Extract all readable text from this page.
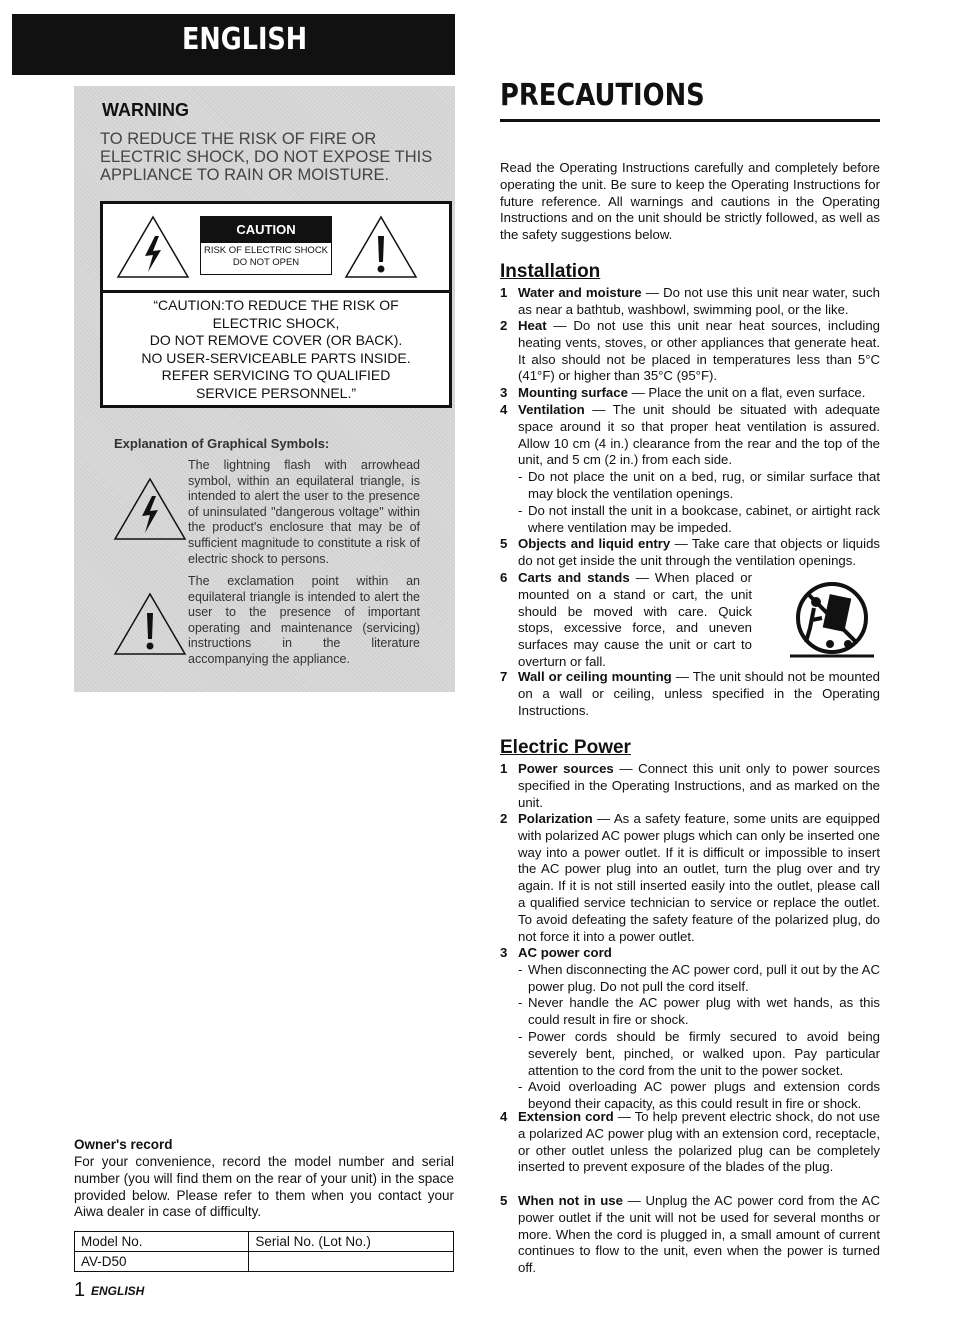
ENGLISH
WARNING
TO REDUCE THE RISK OF FIRE OR ELECTRIC SHOCK, DO NOT EXPOSE THIS APPLIANCE TO RAIN OR MOISTURE.
CAUTION
RISK OF ELECTRIC SHOCK
DO NOT OPEN
“CAUTION:TO REDUCE THE RISK OF
ELECTRIC SHOCK,
DO NOT REMOVE COVER (OR BACK).
NO USER-SERVICEABLE PARTS INSIDE.
REFER SERVICING TO QUALIFIED
SERVICE PERSONNEL.”
Explanation of Graphical Symbols:
The lightning flash with arrowhead symbol, within an equilateral triangle, is intended to alert the user to the presence of uninsulated "dangerous voltage" within the product's enclosure that may be of sufficient magnitude to constitute a risk of electric shock to persons.
The exclamation point within an equilateral triangle is intended to alert the user to the presence of important operating and maintenance (servicing) instructions in the literature accompanying the appliance.
Owner's record
For your convenience, record the model number and serial number (you will find them on the rear of your unit) in the space provided below. Please refer to them when you contact your Aiwa dealer in case of difficulty.
Model No.	Serial No. (Lot No.)
AV-D50	
1 ENGLISH
PRECAUTIONS
Read the Operating Instructions carefully and completely before operating the unit. Be sure to keep the Operating Instructions for future reference. All warnings and cautions in the Operating Instructions and on the unit should be strictly followed, as well as the safety suggestions below.
Installation
1 Water and moisture — Do not use this unit near water, such as near a bathtub, washbowl, swimming pool, or the like.
2 Heat — Do not use this unit near heat sources, including heating vents, stoves, or other appliances that generate heat. It also should not be placed in temperatures less than 5°C (41°F) or higher than 35°C (95°F).
3 Mounting surface — Place the unit on a flat, even surface.
4 Ventilation — The unit should be situated with adequate space around it so that proper heat ventilation is assured. Allow 10 cm (4 in.) clearance from the rear and the top of the unit, and 5 cm (2 in.) from each side.
- Do not place the unit on a bed, rug, or similar surface that may block the ventilation openings.
- Do not install the unit in a bookcase, cabinet, or airtight rack where ventilation may be impeded.
5 Objects and liquid entry — Take care that objects or liquids do not get inside the unit through the ventilation openings.
6 Carts and stands — When placed or mounted on a stand or cart, the unit should be moved with care. Quick stops, excessive force, and uneven surfaces may cause the unit or cart to overturn or fall.
7 Wall or ceiling mounting — The unit should not be mounted on a wall or ceiling, unless specified in the Operating Instructions.
Electric Power
1 Power sources — Connect this unit only to power sources specified in the Operating Instructions, and as marked on the unit.
2 Polarization — As a safety feature, some units are equipped with polarized AC power plugs which can only be inserted one way into a power outlet. If it is difficult or impossible to insert the AC power plug into an outlet, turn the plug over and try again. If it is not still inserted easily into the outlet, please call a qualified service technician to service or replace the outlet. To avoid defeating the safety feature of the polarized plug, do not force it into a power outlet.
3 AC power cord
- When disconnecting the AC power cord, pull it out by the AC power plug. Do not pull the cord itself.
- Never handle the AC power plug with wet hands, as this could result in fire or shock.
- Power cords should be firmly secured to avoid being severely bent, pinched, or walked upon. Pay particular attention to the cord from the unit to the power socket.
- Avoid overloading AC power plugs and extension cords beyond their capacity, as this could result in fire or shock.
4 Extension cord — To help prevent electric shock, do not use a polarized AC power plug with an extension cord, receptacle, or other outlet unless the polarized plug can be completely inserted to prevent exposure of the blades of the plug.
5 When not in use — Unplug the AC power cord from the AC power outlet if the unit will not be used for several months or more. When the cord is plugged in, a small amount of current continues to flow to the unit, even when the power is turned off.
